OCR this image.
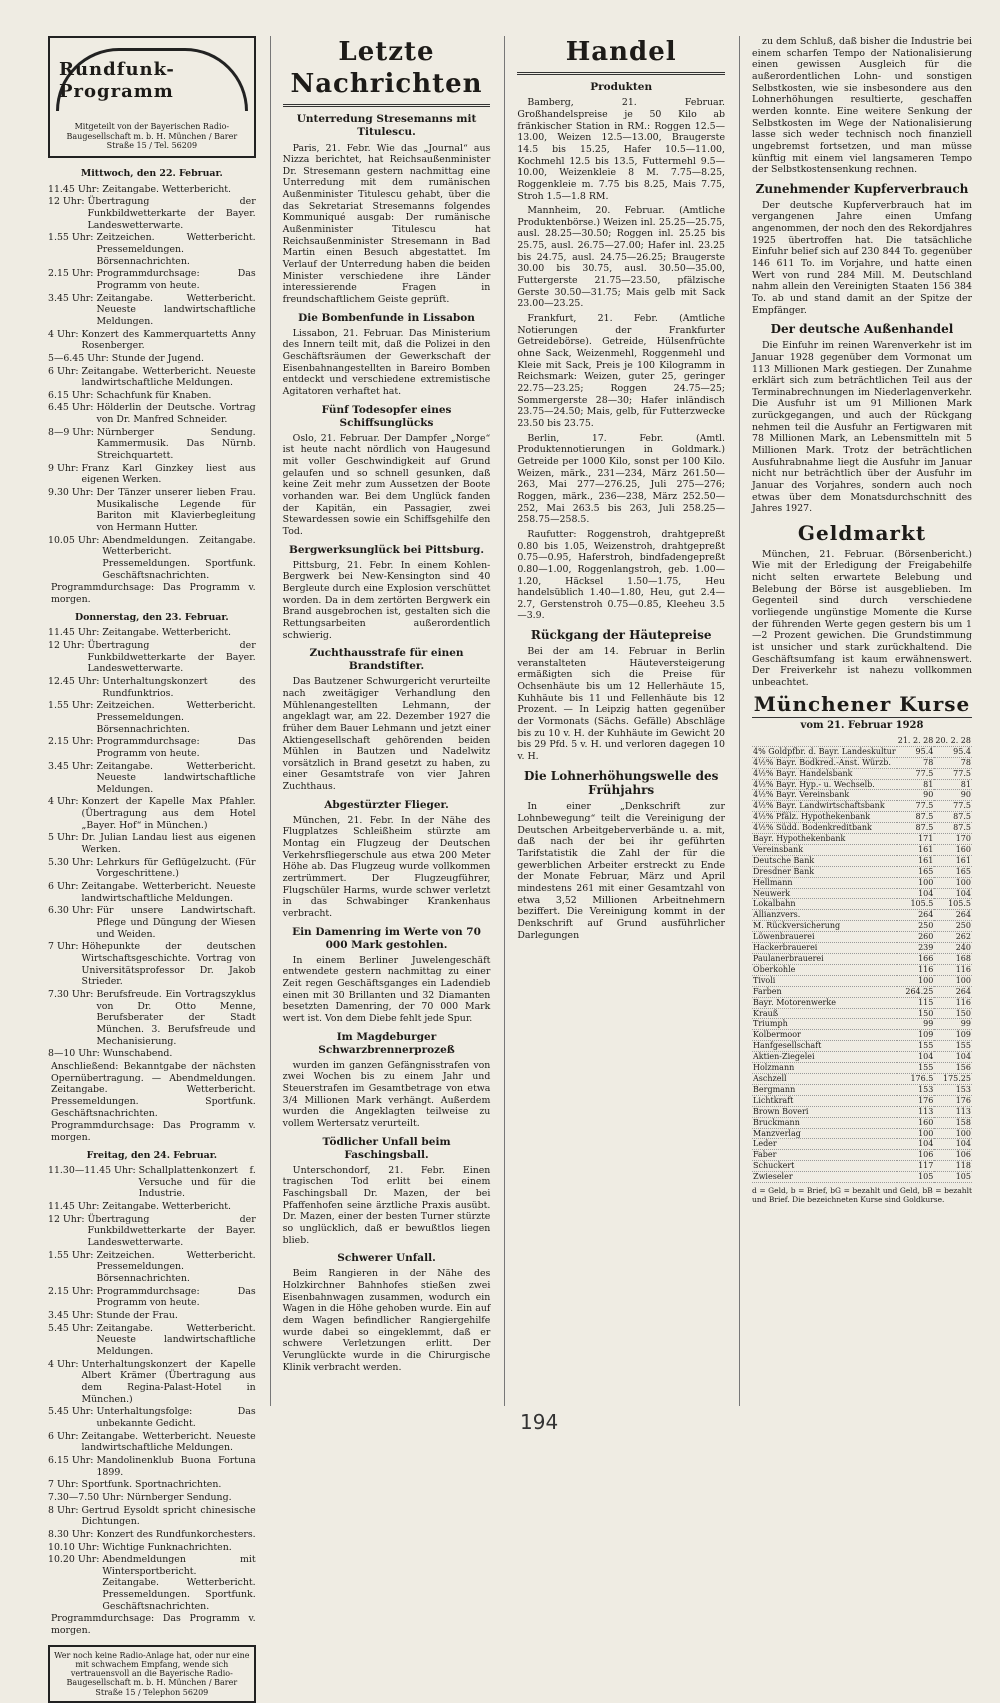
Rundfunk-Programm
Mitgeteilt von der Bayerischen Radio-Baugesellschaft m. b. H. München / Barer Straße 15 / Tel. 56209
Mittwoch, den 22. Februar.
11.45 Uhr: Zeitangabe. Wetterbericht.
12 Uhr: Übertragung der Funkbildwetterkarte der Bayer. Landeswetterwarte.
1.55 Uhr: Zeitzeichen. Wetterbericht. Pressemeldungen. Börsennachrichten.
2.15 Uhr: Programmdurchsage: Das Programm von heute.
3.45 Uhr: Zeitangabe. Wetterbericht. Neueste landwirtschaftliche Meldungen.
4 Uhr: Konzert des Kammerquartetts Anny Rosenberger.
5—6.45 Uhr: Stunde der Jugend.
6 Uhr: Zeitangabe. Wetterbericht. Neueste landwirtschaftliche Meldungen.
6.15 Uhr: Schachfunk für Knaben.
6.45 Uhr: Hölderlin der Deutsche. Vortrag von Dr. Manfred Schneider.
8—9 Uhr: Nürnberger Sendung. Kammermusik. Das Nürnb. Streichquartett.
9 Uhr: Franz Karl Ginzkey liest aus eigenen Werken.
9.30 Uhr: Der Tänzer unserer lieben Frau. Musikalische Legende für Bariton mit Klavierbegleitung von Hermann Hutter.
10.05 Uhr: Abendmeldungen. Zeitangabe. Wetterbericht. Pressemeldungen. Sportfunk. Geschäftsnachrichten.
Programmdurchsage: Das Programm v. morgen.
Donnerstag, den 23. Februar.
11.45 Uhr: Zeitangabe. Wetterbericht.
12 Uhr: Übertragung der Funkbildwetterkarte der Bayer. Landeswetterwarte.
12.45 Uhr: Unterhaltungskonzert des Rundfunktrios.
1.55 Uhr: Zeitzeichen. Wetterbericht. Pressemeldungen. Börsennachrichten.
2.15 Uhr: Programmdurchsage: Das Programm von heute.
3.45 Uhr: Zeitangabe. Wetterbericht. Neueste landwirtschaftliche Meldungen.
4 Uhr: Konzert der Kapelle Max Pfahler. (Übertragung aus dem Hotel „Bayer. Hof“ in München.)
5 Uhr: Dr. Julian Landau liest aus eigenen Werken.
5.30 Uhr: Lehrkurs für Geflügelzucht. (Für Vorgeschrittene.)
6 Uhr: Zeitangabe. Wetterbericht. Neueste landwirtschaftliche Meldungen.
6.30 Uhr: Für unsere Landwirtschaft. Pflege und Düngung der Wiesen und Weiden.
7 Uhr: Höhepunkte der deutschen Wirtschaftsgeschichte. Vortrag von Universitätsprofessor Dr. Jakob Strieder.
7.30 Uhr: Berufsfreude. Ein Vortragszyklus von Dr. Otto Menne, Berufsberater der Stadt München. 3. Berufsfreude und Mechanisierung.
8—10 Uhr: Wunschabend.
Anschließend: Bekanntgabe der nächsten Opernübertragung. — Abendmeldungen. Zeitangabe. Wetterbericht. Pressemeldungen. Sportfunk. Geschäftsnachrichten.
Programmdurchsage: Das Programm v. morgen.
Freitag, den 24. Februar.
11.30—11.45 Uhr: Schallplattenkonzert f. Versuche und für die Industrie.
11.45 Uhr: Zeitangabe. Wetterbericht.
12 Uhr: Übertragung der Funkbildwetterkarte der Bayer. Landeswetterwarte.
1.55 Uhr: Zeitzeichen. Wetterbericht. Pressemeldungen. Börsennachrichten.
2.15 Uhr: Programmdurchsage: Das Programm von heute.
3.45 Uhr: Stunde der Frau.
5.45 Uhr: Zeitangabe. Wetterbericht. Neueste landwirtschaftliche Meldungen.
4 Uhr: Unterhaltungskonzert der Kapelle Albert Krämer (Übertragung aus dem Regina-Palast-Hotel in München.)
5.45 Uhr: Unterhaltungsfolge: Das unbekannte Gedicht.
6 Uhr: Zeitangabe. Wetterbericht. Neueste landwirtschaftliche Meldungen.
6.15 Uhr: Mandolinenklub Buona Fortuna 1899.
7 Uhr: Sportfunk. Sportnachrichten.
7.30—7.50 Uhr: Nürnberger Sendung.
8 Uhr: Gertrud Eysoldt spricht chinesische Dichtungen.
8.30 Uhr: Konzert des Rundfunkorchesters.
10.10 Uhr: Wichtige Funknachrichten.
10.20 Uhr: Abendmeldungen mit Wintersportbericht. Zeitangabe. Wetterbericht. Pressemeldungen. Sportfunk. Geschäftsnachrichten.
Programmdurchsage: Das Programm v. morgen.
Wer noch keine Radio-Anlage hat, oder nur eine mit schwachem Empfang, wende sich vertrauensvoll an die Bayerische Radio-Baugesellschaft m. b. H. München / Barer Straße 15 / Telephon 56209
Letzte Nachrichten
Unterredung Stresemanns mit Titulescu.

Paris, 21. Febr. Wie das „Journal“ aus Nizza berichtet, hat Reichsaußenminister Dr. Stresemann gestern nachmittag eine Unterredung mit dem rumänischen Außenminister Titulescu gehabt, über die das Sekretariat Stresemanns folgendes Kommuniqué ausgab: Der rumänische Außenminister Titulescu hat Reichsaußenminister Stresemann in Bad Martin einen Besuch abgestattet. Im Verlauf der Unterredung haben die beiden Minister verschiedene ihre Länder interessierende Fragen in freundschaftlichem Geiste geprüft.

Die Bombenfunde in Lissabon

Lissabon, 21. Februar. Das Ministerium des Innern teilt mit, daß die Polizei in den Geschäftsräumen der Gewerkschaft der Eisenbahnangestellten in Bareiro Bomben entdeckt und verschiedene extremistische Agitatoren verhaftet hat.

Fünf Todesopfer eines Schiffsunglücks

Oslo, 21. Februar. Der Dampfer „Norge“ ist heute nacht nördlich von Haugesund mit voller Geschwindigkeit auf Grund gelaufen und so schnell gesunken, daß keine Zeit mehr zum Aussetzen der Boote vorhanden war. Bei dem Unglück fanden der Kapitän, ein Passagier, zwei Stewardessen sowie ein Schiffsgehilfe den Tod.

Bergwerksunglück bei Pittsburg.

Pittsburg, 21. Febr. In einem Kohlen-Bergwerk bei New-Kensington sind 40 Bergleute durch eine Explosion verschüttet worden. Da in dem zertörten Bergwerk ein Brand ausgebrochen ist, gestalten sich die Rettungsarbeiten außerordentlich schwierig.

Zuchthausstrafe für einen Brandstifter.

Das Bautzener Schwurgericht verurteilte nach zweitägiger Verhandlung den Mühlenangestellten Lehmann, der angeklagt war, am 22. Dezember 1927 die früher dem Bauer Lehmann und jetzt einer Aktiengesellschaft gehörenden beiden Mühlen in Bautzen und Nadelwitz vorsätzlich in Brand gesetzt zu haben, zu einer Gesamtstrafe von vier Jahren Zuchthaus.

Abgestürzter Flieger.

München, 21. Febr. In der Nähe des Flugplatzes Schleißheim stürzte am Montag ein Flugzeug der Deutschen Verkehrsfliegerschule aus etwa 200 Meter Höhe ab. Das Flugzeug wurde vollkommen zertrümmert. Der Flugzeugführer, Flugschüler Harms, wurde schwer verletzt in das Schwabinger Krankenhaus verbracht.

Ein Damenring im Werte von 70 000 Mark gestohlen.

In einem Berliner Juwelengeschäft entwendete gestern nachmittag zu einer Zeit regen Geschäftsganges ein Ladendieb einen mit 30 Brillanten und 32 Diamanten besetzten Damenring, der 70 000 Mark wert ist. Von dem Diebe fehlt jede Spur.

Im Magdeburger Schwarzbrennerprozeß

wurden im ganzen Gefängnisstrafen von zwei Wochen bis zu einem Jahr und Steuerstrafen im Gesamtbetrage von etwa 3/4 Millionen Mark verhängt. Außerdem wurden die Angeklagten teilweise zu vollem Wertersatz verurteilt.

Tödlicher Unfall beim Faschingsball.

Unterschondorf, 21. Febr. Einen tragischen Tod erlitt bei einem Faschingsball Dr. Mazen, der bei Pfaffenhofen seine ärztliche Praxis ausübt. Dr. Mazen, einer der besten Turner stürzte so unglücklich, daß er bewußtlos liegen blieb.

Schwerer Unfall.

Beim Rangieren in der Nähe des Holzkirchner Bahnhofes stießen zwei Eisenbahnwagen zusammen, wodurch ein Wagen in die Höhe gehoben wurde. Ein auf dem Wagen befindlicher Rangiergehilfe wurde dabei so eingeklemmt, daß er schwere Verletzungen erlitt. Der Verunglückte wurde in die Chirurgische Klinik verbracht werden.

Handel
Produkten

Bamberg, 21. Februar. Großhandelspreise je 50 Kilo ab fränkischer Station in RM.: Roggen 12.5—13.00, Weizen 12.5—13.00, Braugerste 14.5 bis 15.25, Hafer 10.5—11.00, Kochmehl 12.5 bis 13.5, Futtermehl 9.5—10.00, Weizenkleie 8 M. 7.75—8.25, Roggenkleie m. 7.75 bis 8.25, Mais 7.75, Stroh 1.5—1.8 RM.

Mannheim, 20. Februar. (Amtliche Produktenbörse.) Weizen inl. 25.25—25.75, ausl. 28.25—30.50; Roggen inl. 25.25 bis 25.75, ausl. 26.75—27.00; Hafer inl. 23.25 bis 24.75, ausl. 24.75—26.25; Braugerste 30.00 bis 30.75, ausl. 30.50—35.00, Futtergerste 21.75—23.50, pfälzische Gerste 30.50—31.75; Mais gelb mit Sack 23.00—23.25.

Frankfurt, 21. Febr. (Amtliche Notierungen der Frankfurter Getreidebörse). Getreide, Hülsenfrüchte ohne Sack, Weizenmehl, Roggenmehl und Kleie mit Sack, Preis je 100 Kilogramm in Reichsmark: Weizen, guter 25, geringer 22.75—23.25; Roggen 24.75—25; Sommergerste 28—30; Hafer inländisch 23.75—24.50; Mais, gelb, für Futterzwecke 23.50 bis 23.75.

Berlin, 17. Febr. (Amtl. Produktennotierungen in Goldmark.) Getreide per 1000 Kilo, sonst per 100 Kilo. Weizen, märk., 231—234, März 261.50—263, Mai 277—276.25, Juli 275—276; Roggen, märk., 236—238, März 252.50—252, Mai 263.5 bis 263, Juli 258.25—258.75—258.5.

Raufutter: Roggenstroh, drahtgepreßt 0.80 bis 1.05, Weizenstroh, drahtgepreßt 0.75—0.95, Haferstroh, bindfadengepreßt 0.80—1.00, Roggenlangstroh, geb. 1.00—1.20, Häcksel 1.50—1.75, Heu handelsüblich 1.40—1.80, Heu, gut 2.4—2.7, Gerstenstroh 0.75—0.85, Kleeheu 3.5—3.9.

Rückgang der Häutepreise

Bei der am 14. Februar in Berlin veranstalteten Häuteversteigerung ermäßigten sich die Preise für Ochsenhäute bis um 12 Hellerhäute 15, Kuhhäute bis 11 und Fellenhäute bis 12 Prozent. — In Leipzig hatten gegenüber der Vormonats (Sächs. Gefälle) Abschläge bis zu 10 v. H. der Kuhhäute im Gewicht 20 bis 29 Pfd. 5 v. H. und verloren dagegen 10 v. H.

Die Lohnerhöhungswelle des Frühjahrs

In einer „Denkschrift zur Lohnbewegung“ teilt die Vereinigung der Deutschen Arbeitgeberverbände u. a. mit, daß nach der bei ihr geführten Tarifstatistik die Zahl der für die gewerblichen Arbeiter erstreckt zu Ende der Monate Februar, März und April mindestens 261 mit einer Gesamtzahl von etwa 3,52 Millionen Arbeitnehmern beziffert. Die Vereinigung kommt in der Denkschrift auf Grund ausführlicher Darlegungen

zu dem Schluß, daß bisher die Industrie bei einem scharfen Tempo der Nationalisierung einen gewissen Ausgleich für die außerordentlichen Lohn- und sonstigen Selbstkosten, wie sie insbesondere aus den Lohnerhöhungen resultierte, geschaffen werden konnte. Eine weitere Senkung der Selbstkosten im Wege der Nationalisierung lasse sich weder technisch noch finanziell ungebremst fortsetzen, und man müsse künftig mit einem viel langsameren Tempo der Selbstkostensenkung rechnen.

Zunehmender Kupferverbrauch

Der deutsche Kupferverbrauch hat im vergangenen Jahre einen Umfang angenommen, der noch den des Rekordjahres 1925 übertroffen hat. Die tatsächliche Einfuhr belief sich auf 230 844 To. gegenüber 146 611 To. im Vorjahre, und hatte einen Wert von rund 284 Mill. M. Deutschland nahm allein den Vereinigten Staaten 156 384 To. ab und stand damit an der Spitze der Empfänger.

Der deutsche Außenhandel

Die Einfuhr im reinen Warenverkehr ist im Januar 1928 gegenüber dem Vormonat um 113 Millionen Mark gestiegen. Der Zunahme erklärt sich zum beträchtlichen Teil aus der Terminabrechnungen im Niederlagenverkehr. Die Ausfuhr ist um 91 Millionen Mark zurückgegangen, und auch der Rückgang nehmen teil die Ausfuhr an Fertigwaren mit 78 Millionen Mark, an Lebensmitteln mit 5 Millionen Mark. Trotz der beträchtlichen Ausfuhrabnahme liegt die Ausfuhr im Januar nicht nur beträchtlich über der Ausfuhr im Januar des Vorjahres, sondern auch noch etwas über dem Monatsdurchschnitt des Jahres 1927.

Geldmarkt

München, 21. Februar. (Börsenbericht.) Wie mit der Erledigung der Freigabehilfe nicht selten erwartete Belebung und Belebung der Börse ist ausgeblieben. Im Gegenteil sind durch verschiedene vorliegende ungünstige Momente die Kurse der führenden Werte gegen gestern bis um 1—2 Prozent gewichen. Die Grundstimmung ist unsicher und stark zurückhaltend. Die Geschäftsumfang ist kaum erwähnenswert. Der Freiverkehr ist nahezu vollkommen unbeachtet.

Münchener Kurse
vom 21. Februar 1928
	21. 2. 28	20. 2. 28
4% Goldpfbr. d. Bayr. Landeskultur	95.4	95.4
4½% Bayr. Bodkred.-Anst. Würzb.	78	78
4½% Bayr. Handelsbank	77.5	77.5
4½% Bayr. Hyp.- u. Wechselb.	81	81
4½% Bayr. Vereinsbank	90	90
4½% Bayr. Landwirtschaftsbank	77.5	77.5
4½% Pfälz. Hypothekenbank	87.5	87.5
4½% Südd. Bodenkreditbank	87.5	87.5
Bayr. Hypothekenbank	171	170
Vereinsbank	161	160
Deutsche Bank	161	161
Dresdner Bank	165	165
Hellmann	100	100
Neuwerk	104	104
Lokalbahn	105.5	105.5
Allianzvers.	264	264
M. Rückversicherung	250	250
Löwenbrauerei	260	262
Hackerbrauerei	239	240
Paulanerbrauerei	166	168
Oberkohle	116	116
Tivoli	100	100
Farben	264.25	264
Bayr. Motorenwerke	115	116
Krauß	150	150
Triumph	99	99
Kolbermoor	109	109
Hanfgesellschaft	155	155
Aktien-Ziegelei	104	104
Holzmann	155	156
Aschzell	176.5	175.25
Bergmann	153	153
Lichtkraft	176	176
Brown Boveri	113	113
Bruckmann	160	158
Manzverlag	100	100
Leder	104	104
Faber	106	106
Schuckert	117	118
Zwieseler	105	105
d = Geld, b = Brief, bG = bezahlt und Geld, bB = bezahlt und Brief. Die bezeichneten Kurse sind Goldkurse.
194
